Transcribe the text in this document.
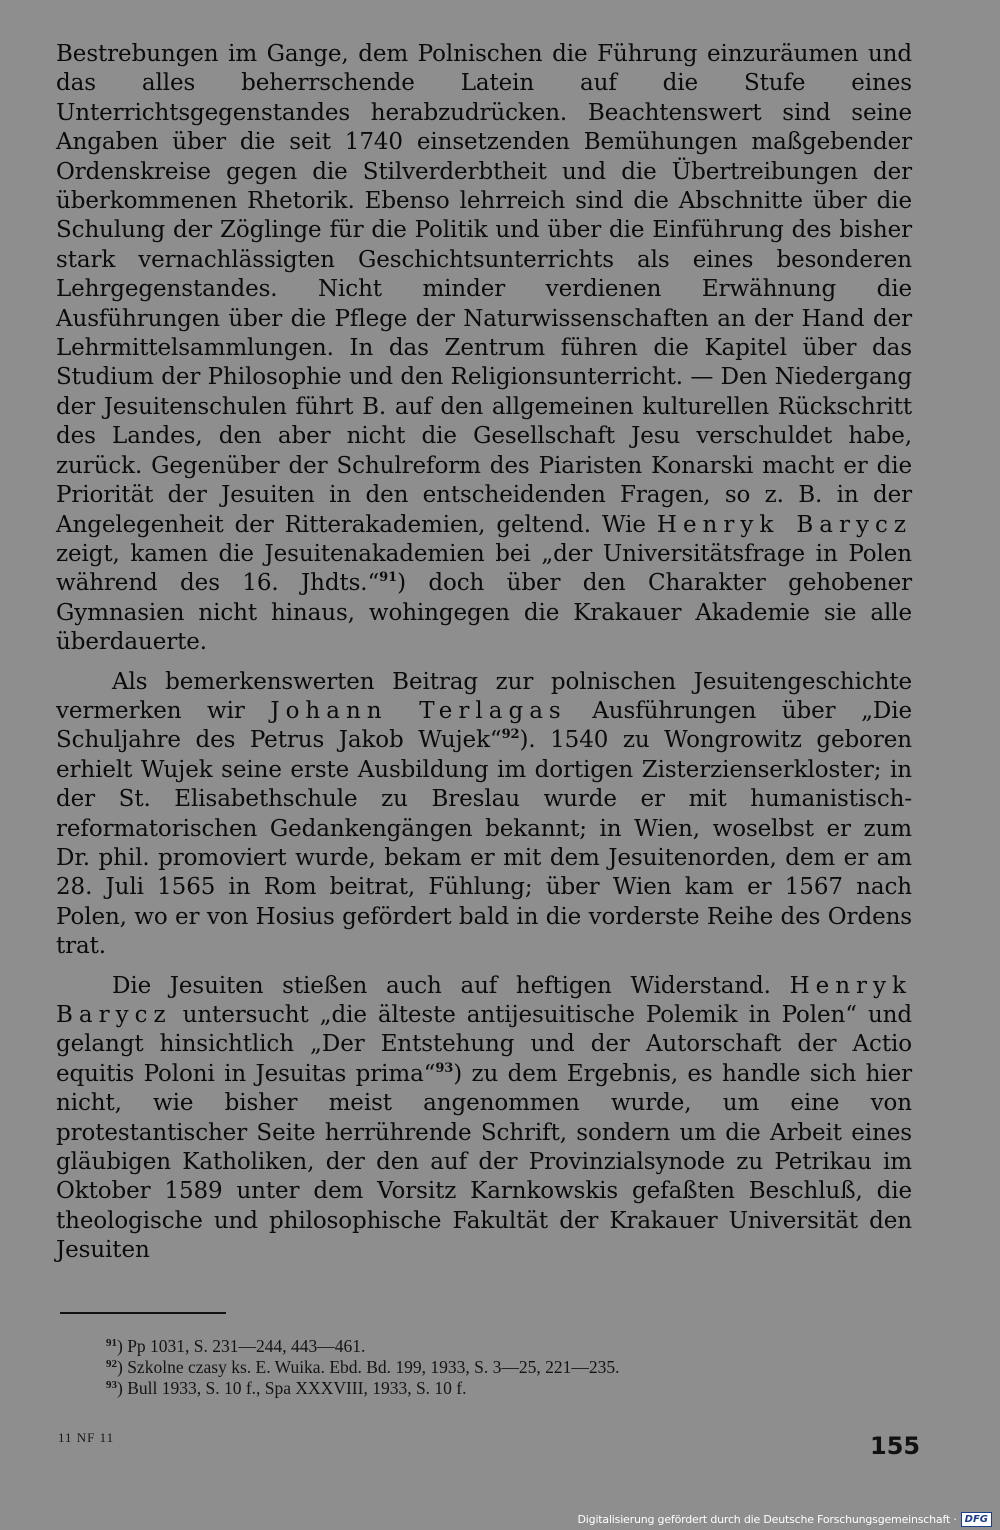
Bestrebungen im Gange, dem Polnischen die Führung einzuräumen und das alles beherrschende Latein auf die Stufe eines Unterrichtsgegenstandes herabzudrücken. Beachtenswert sind seine Angaben über die seit 1740 einsetzenden Bemühungen maßgebender Ordenskreise gegen die Stilverderbtheit und die Übertreibungen der überkommenen Rhetorik. Ebenso lehrreich sind die Abschnitte über die Schulung der Zöglinge für die Politik und über die Einführung des bisher stark vernachlässigten Geschichtsunterrichts als eines besonderen Lehrgegenstandes. Nicht minder verdienen Erwähnung die Ausführungen über die Pflege der Naturwissenschaften an der Hand der Lehrmittelsammlungen. In das Zentrum führen die Kapitel über das Studium der Philosophie und den Religionsunterricht. — Den Niedergang der Jesuitenschulen führt B. auf den allgemeinen kulturellen Rückschritt des Landes, den aber nicht die Gesellschaft Jesu verschuldet habe, zurück. Gegenüber der Schulreform des Piaristen Konarski macht er die Priorität der Jesuiten in den entscheidenden Fragen, so z. B. in der Angelegenheit der Ritterakademien, geltend. Wie Henryk Barycz zeigt, kamen die Jesuitenakademien bei „der Universitätsfrage in Polen während des 16. Jhdts.“$^{91}$) doch über den Charakter gehobener Gymnasien nicht hinaus, wohingegen die Krakauer Akademie sie alle überdauerte.

Als bemerkenswerten Beitrag zur polnischen Jesuitengeschichte vermerken wir Johann Terlagas Ausführungen über „Die Schuljahre des Petrus Jakob Wujek“$^{92}$). 1540 zu Wongrowitz geboren erhielt Wujek seine erste Ausbildung im dortigen Zisterzienserkloster; in der St. Elisabethschule zu Breslau wurde er mit humanistisch-reformatorischen Gedankengängen bekannt; in Wien, woselbst er zum Dr. phil. promoviert wurde, bekam er mit dem Jesuitenorden, dem er am 28. Juli 1565 in Rom beitrat, Fühlung; über Wien kam er 1567 nach Polen, wo er von Hosius gefördert bald in die vorderste Reihe des Ordens trat.

Die Jesuiten stießen auch auf heftigen Widerstand. Henryk Barycz untersucht „die älteste antijesuitische Polemik in Polen“ und gelangt hinsichtlich „Der Entstehung und der Autorschaft der Actio equitis Poloni in Jesuitas prima“$^{93}$) zu dem Ergebnis, es handle sich hier nicht, wie bisher meist angenommen wurde, um eine von protestantischer Seite herrührende Schrift, sondern um die Arbeit eines gläubigen Katholiken, der den auf der Provinzialsynode zu Petrikau im Oktober 1589 unter dem Vorsitz Karnkowskis gefaßten Beschluß, die theologische und philosophische Fakultät der Krakauer Universität den Jesuiten

$^{91}$) Pp 1031, S. 231—244, 443—461.
$^{92}$) Szkolne czasy ks. E. Wuika. Ebd. Bd. 199, 1933, S. 3—25, 221—235.
$^{93}$) Bull 1933, S. 10 f., Spa XXXVIII, 1933, S. 10 f.
11 NF 11	155
Digitalisierung gefördert durch die Deutsche Forschungsgemeinschaft · DFG
